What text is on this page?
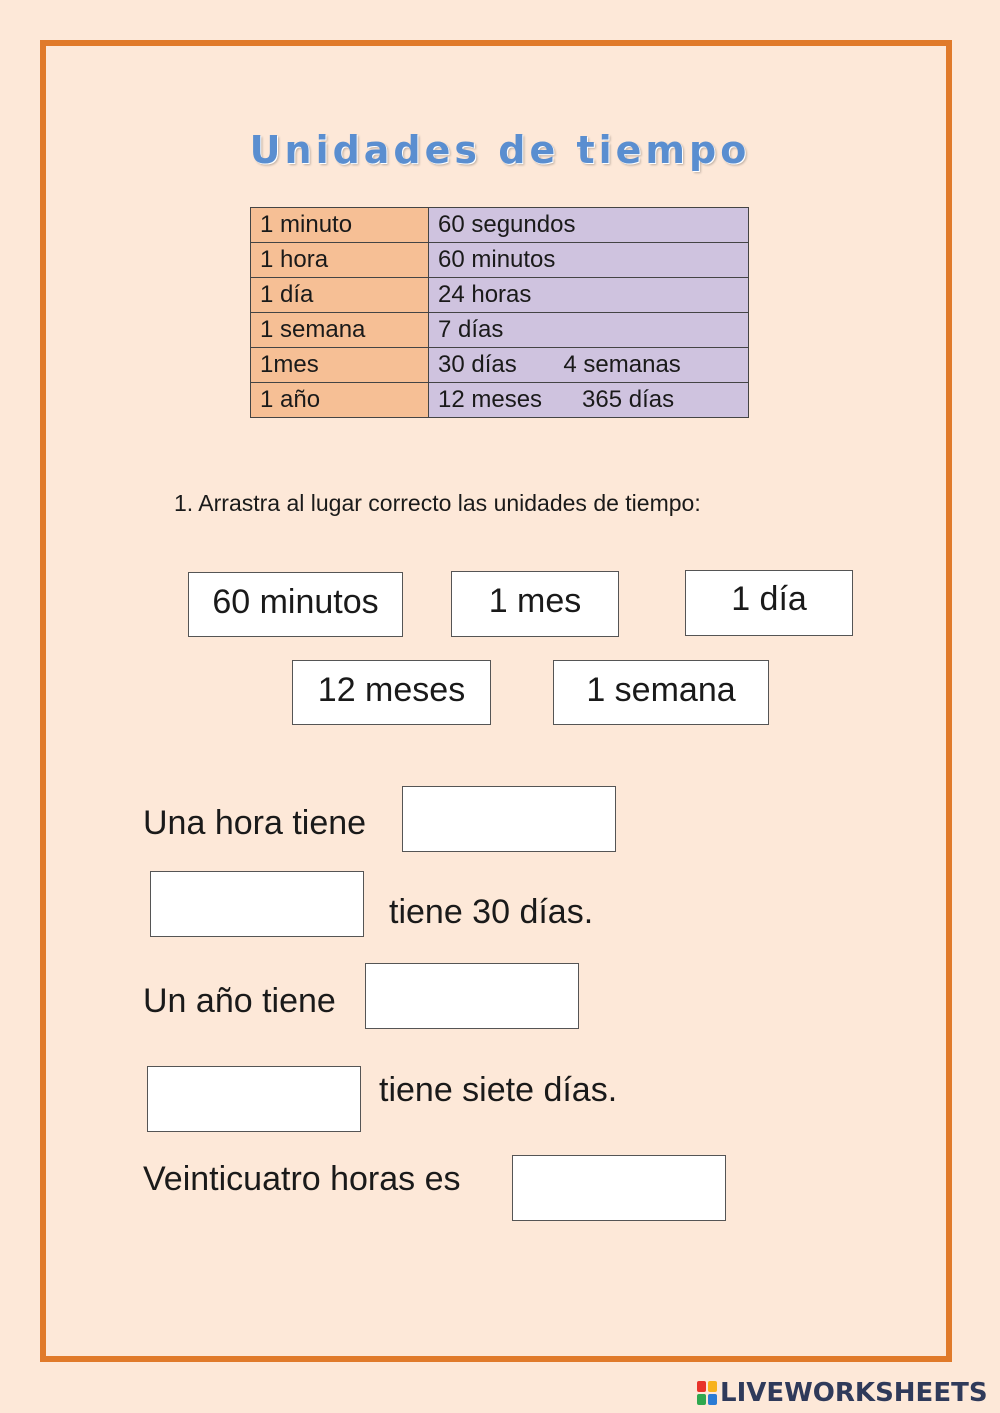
Unidades de tiempo
1 minuto	60 segundos
1 hora	60 minutos
1 día	24 horas
1 semana	7 días
1mes	30 días       4 semanas
1 año	12 meses      365 días
1. Arrastra al lugar correcto las unidades de tiempo:
60 minutos	1 mes	1 día
12 meses	1 semana
Una hora tiene
tiene 30 días.
Un año tiene
tiene siete días.
Veinticuatro horas es
LIVEWORKSHEETS
